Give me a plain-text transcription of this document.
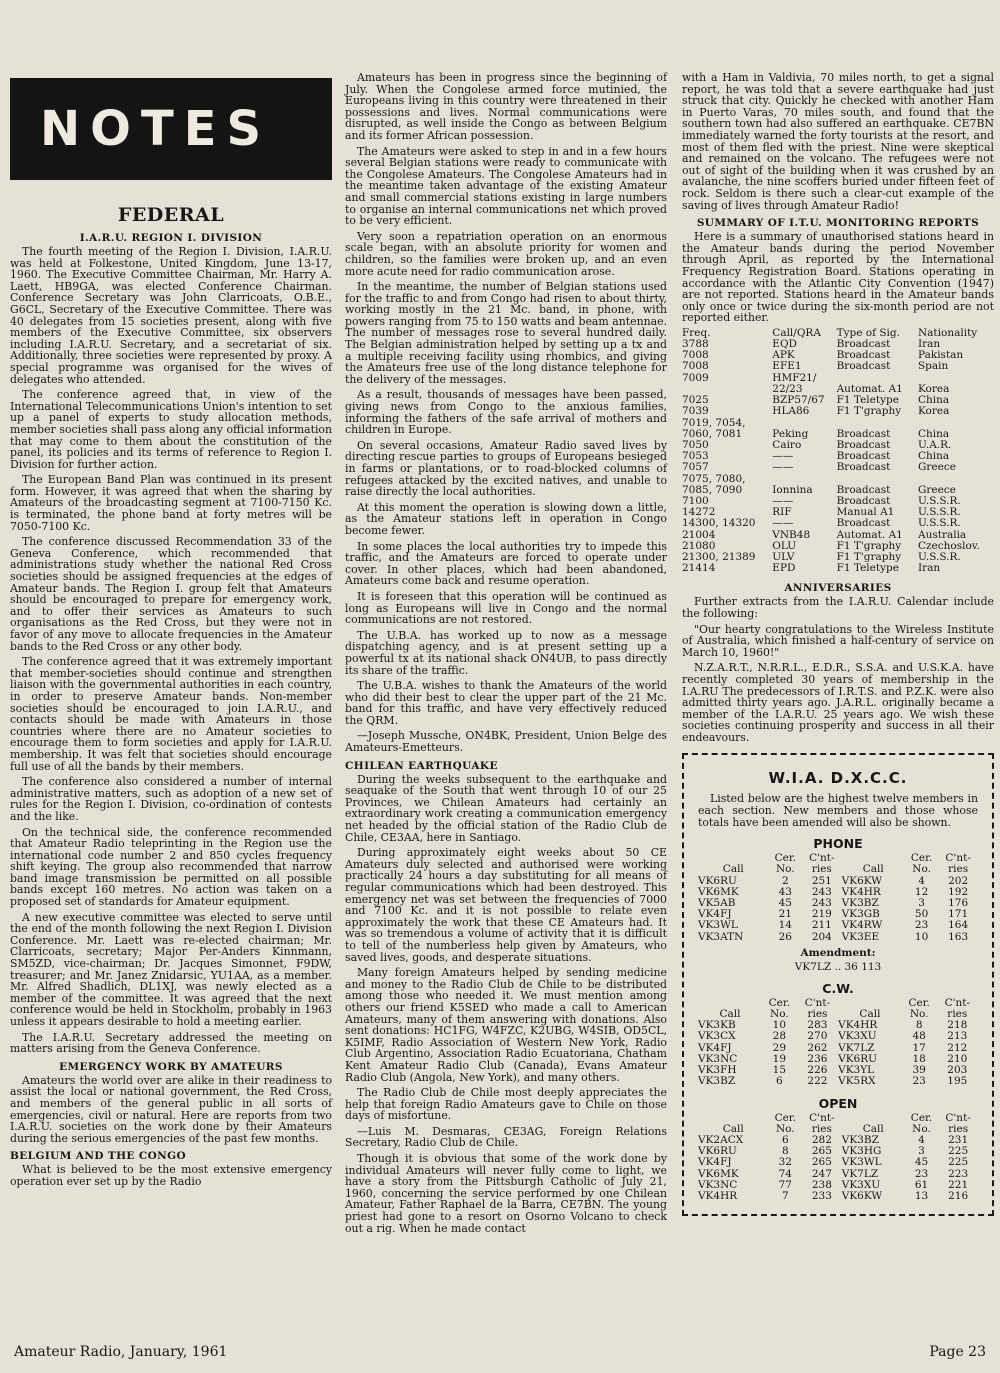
NOTES
FEDERAL
I.A.R.U. REGION I. DIVISION

The fourth meeting of the Region I. Division, I.A.R.U. was held at Folkestone, United Kingdom, June 13-17, 1960. The Executive Committee Chairman, Mr. Harry A. Laett, HB9GA, was elected Conference Chairman. Conference Secretary was John Clarricoats, O.B.E., G6CL, Secretary of the Executive Committee. There was 40 delegates from 15 societies present, along with five members of the Executive Committee, six observers including I.A.R.U. Secretary, and a secretariat of six. Additionally, three societies were represented by proxy. A special programme was organised for the wives of delegates who attended.

The conference agreed that, in view of the International Telecommunications Union's intention to set up a panel of experts to study allocation methods, member societies shall pass along any official information that may come to them about the constitution of the panel, its policies and its terms of reference to Region I. Division for further action.

The European Band Plan was continued in its present form. However, it was agreed that when the sharing by Amateurs of the broadcasting segment at 7100-7150 Kc. is terminated, the phone band at forty metres will be 7050-7100 Kc.

The conference discussed Recommendation 33 of the Geneva Conference, which recommended that administrations study whether the national Red Cross societies should be assigned frequencies at the edges of Amateur bands. The Region I. group felt that Amateurs should be encouraged to prepare for emergency work, and to offer their services as Amateurs to such organisations as the Red Cross, but they were not in favor of any move to allocate frequencies in the Amateur bands to the Red Cross or any other body.

The conference agreed that it was extremely important that member-societies should continue and strengthen liaison with the governmental authorities in each country, in order to preserve Amateur bands. Non-member societies should be encouraged to join I.A.R.U., and contacts should be made with Amateurs in those countries where there are no Amateur societies to encourage them to form societies and apply for I.A.R.U. membership. It was felt that societies should encourage full use of all the bands by their members.

The conference also considered a number of internal administrative matters, such as adoption of a new set of rules for the Region I. Division, co-ordination of contests and the like.

On the technical side, the conference recommended that Amateur Radio teleprinting in the Region use the international code number 2 and 850 cycles frequency shift keying. The group also recommended that narrow band image transmission be permitted on all possible bands except 160 metres. No action was taken on a proposed set of standards for Amateur equipment.

A new executive committee was elected to serve until the end of the month following the next Region I. Division Conference. Mr. Laett was re-elected chairman; Mr. Clarricoats, secretary; Major Per-Anders Kinnmann, SM5ZD, vice-chairman; Dr. Jacques Simonnet, F9DW, treasurer; and Mr. Janez Znidarsic, YU1AA, as a member. Mr. Alfred Shadlich, DL1XJ, was newly elected as a member of the committee. It was agreed that the next conference would be held in Stockholm, probably in 1963 unless it appears desirable to hold a meeting earlier.

The I.A.R.U. Secretary addressed the meeting on matters arising from the Geneva Conference.

EMERGENCY WORK BY AMATEURS

Amateurs the world over are alike in their readiness to assist the local or national government, the Red Cross, and members of the general public in all sorts of emergencies, civil or natural. Here are reports from two I.A.R.U. societies on the work done by their Amateurs during the serious emergencies of the past few months.

BELGIUM AND THE CONGO

What is believed to be the most extensive emergency operation ever set up by the Radio

Amateurs has been in progress since the beginning of July. When the Congolese armed force mutinied, the Europeans living in this country were threatened in their possessions and lives. Normal communications were disrupted, as well inside the Congo as between Belgium and its former African possession.

The Amateurs were asked to step in and in a few hours several Belgian stations were ready to communicate with the Congolese Amateurs. The Congolese Amateurs had in the meantime taken advantage of the existing Amateur and small commercial stations existing in large numbers to organise an internal communications net which proved to be very efficient.

Very soon a repatriation operation on an enormous scale began, with an absolute priority for women and children, so the families were broken up, and an even more acute need for radio communication arose.

In the meantime, the number of Belgian stations used for the traffic to and from Congo had risen to about thirty, working mostly in the 21 Mc. band, in phone, with powers ranging from 75 to 150 watts and beam antennae. The number of messages rose to several hundred daily. The Belgian administration helped by setting up a tx and a multiple receiving facility using rhombics, and giving the Amateurs free use of the long distance telephone for the delivery of the messages.

As a result, thousands of messages have been passed, giving news from Congo to the anxious families, informing the fathers of the safe arrival of mothers and children in Europe.

On several occasions, Amateur Radio saved lives by directing rescue parties to groups of Europeans besieged in farms or plantations, or to road-blocked columns of refugees attacked by the excited natives, and unable to raise directly the local authorities.

At this moment the operation is slowing down a little, as the Amateur stations left in operation in Congo become fewer.

In some places the local authorities try to impede this traffic, and the Amateurs are forced to operate under cover. In other places, which had been abandoned, Amateurs come back and resume operation.

It is foreseen that this operation will be continued as long as Europeans will live in Congo and the normal communications are not restored.

The U.B.A. has worked up to now as a message dispatching agency, and is at present setting up a powerful tx at its national shack ON4UB, to pass directly its share of the traffic.

The U.B.A. wishes to thank the Amateurs of the world who did their best to clear the upper part of the 21 Mc. band for this traffic, and have very effectively reduced the QRM.

—Joseph Mussche, ON4BK, President, Union Belge des Amateurs-Emetteurs.

CHILEAN EARTHQUAKE

During the weeks subsequent to the earthquake and seaquake of the South that went through 10 of our 25 Provinces, we Chilean Amateurs had certainly an extraordinary work creating a communication emergency net headed by the official station of the Radio Club de Chile, CE3AA, here in Santiago.

During approximately eight weeks about 50 CE Amateurs duly selected and authorised were working practically 24 hours a day substituting for all means of regular communications which had been destroyed. This emergency net was set between the frequencies of 7000 and 7100 Kc. and it is not possible to relate even approximately the work that these CE Amateurs had. It was so tremendous a volume of activity that it is difficult to tell of the numberless help given by Amateurs, who saved lives, goods, and desperate situations.

Many foreign Amateurs helped by sending medicine and money to the Radio Club de Chile to be distributed among those who needed it. We must mention among others our friend K5SED who made a call to American Amateurs, many of them answering with donations. Also sent donations: HC1FG, W4FZC, K2UBG, W4SIB, OD5CL, K5IMF, Radio Association of Western New York, Radio Club Argentino, Association Radio Ecuatoriana, Chatham Kent Amateur Radio Club (Canada), Evans Amateur Radio Club (Angola, New York), and many others.

The Radio Club de Chile most deeply appreciates the help that foreign Radio Amateurs gave to Chile on those days of misfortune.

—Luis M. Desmaras, CE3AG, Foreign Relations Secretary, Radio Club de Chile.

Though it is obvious that some of the work done by individual Amateurs will never fully come to light, we have a story from the Pittsburgh Catholic of July 21, 1960, concerning the service performed by one Chilean Amateur, Father Raphael de la Barra, CE7BN. The young priest had gone to a resort on Osorno Volcano to check out a rig. When he made contact

with a Ham in Valdivia, 70 miles north, to get a signal report, he was told that a severe earthquake had just struck that city. Quickly he checked with another Ham in Puerto Varas, 70 miles south, and found that the southern town had also suffered an earthquake. CE7BN immediately warned the forty tourists at the resort, and most of them fled with the priest. Nine were skeptical and remained on the volcano. The refugees were not out of sight of the building when it was crushed by an avalanche, the nine scoffers buried under fifteen feet of rock. Seldom is there such a clear-cut example of the saving of lives through Amateur Radio!

SUMMARY OF I.T.U. MONITORING REPORTS

Here is a summary of unauthorised stations heard in the Amateur bands during the period November through April, as reported by the International Frequency Registration Board. Stations operating in accordance with the Atlantic City Convention (1947) are not reported. Stations heard in the Amateur bands only once or twice during the six-month period are not reported either.

Freq.	Call/QRA	Type of Sig.	Nationality
3788	EQD	Broadcast	Iran
7008	APK	Broadcast	Pakistan
7008	EFE1	Broadcast	Spain
7009	HMF21/		
	22/23	Automat. A1	Korea
7025	BZP57/67	F1 Teletype	China
7039	HLA86	F1 T'graphy	Korea
7019, 7054,			
7060, 7081	Peking	Broadcast	China
7050	Cairo	Broadcast	U.A.R.
7053	——	Broadcast	China
7057	——	Broadcast	Greece
7075, 7080,			
7085, 7090	Ionnina	Broadcast	Greece
7100	——	Broadcast	U.S.S.R.
14272	RIF	Manual A1	U.S.S.R.
14300, 14320	——	Broadcast	U.S.S.R.
21004	VNB48	Automat. A1	Australia
21080	OLU	F1 T'graphy	Czechoslov.
21300, 21389	ULV	F1 T'graphy	U.S.S.R.
21414	EPD	F1 Teletype	Iran
ANNIVERSARIES

Further extracts from the I.A.R.U. Calendar include the following:

"Our hearty congratulations to the Wireless Institute of Australia, which finished a half-century of service on March 10, 1960!"

N.Z.A.R.T., N.R.R.L., E.D.R., S.S.A. and U.S.K.A. have recently completed 30 years of membership in the I.A.RU The predecessors of I.R.T.S. and P.Z.K. were also admitted thirty years ago. J.A.R.L. originally became a member of the I.A.R.U. 25 years ago. We wish these societies continuing prosperity and success in all their endeavours.

W.I.A. D.X.C.C.

Listed below are the highest twelve members in each section. New members and those whose totals have been amended will also be shown.

PHONE
	Cer.	C'nt-		Cer.	C'nt-
Call	No.	ries	Call	No.	ries
VK6RU	2	251	VK6KW	4	202
VK6MK	43	243	VK4HR	12	192
VK5AB	45	243	VK3BZ	3	176
VK4FJ	21	219	VK3GB	50	171
VK3WL	14	211	VK4RW	23	164
VK3ATN	26	204	VK3EE	10	163
Amendment:
VK7LZ .. 36 113
C.W.
	Cer.	C'nt-		Cer.	C'nt-
Call	No.	ries	Call	No.	ries
VK3KB	10	283	VK4HR	8	218
VK3CX	28	270	VK3XU	48	213
VK4FJ	29	262	VK7LZ	17	212
VK3NC	19	236	VK6RU	18	210
VK3FH	15	226	VK3YL	39	203
VK3BZ	6	222	VK5RX	23	195
OPEN
	Cer.	C'nt-		Cer.	C'nt-
Call	No.	ries	Call	No.	ries
VK2ACX	6	282	VK3BZ	4	231
VK6RU	8	265	VK3HG	3	225
VK4FJ	32	265	VK3WL	45	225
VK6MK	74	247	VK7LZ	23	223
VK3NC	77	238	VK3XU	61	221
VK4HR	7	233	VK6KW	13	216
Amateur Radio, January, 1961	Page 23
